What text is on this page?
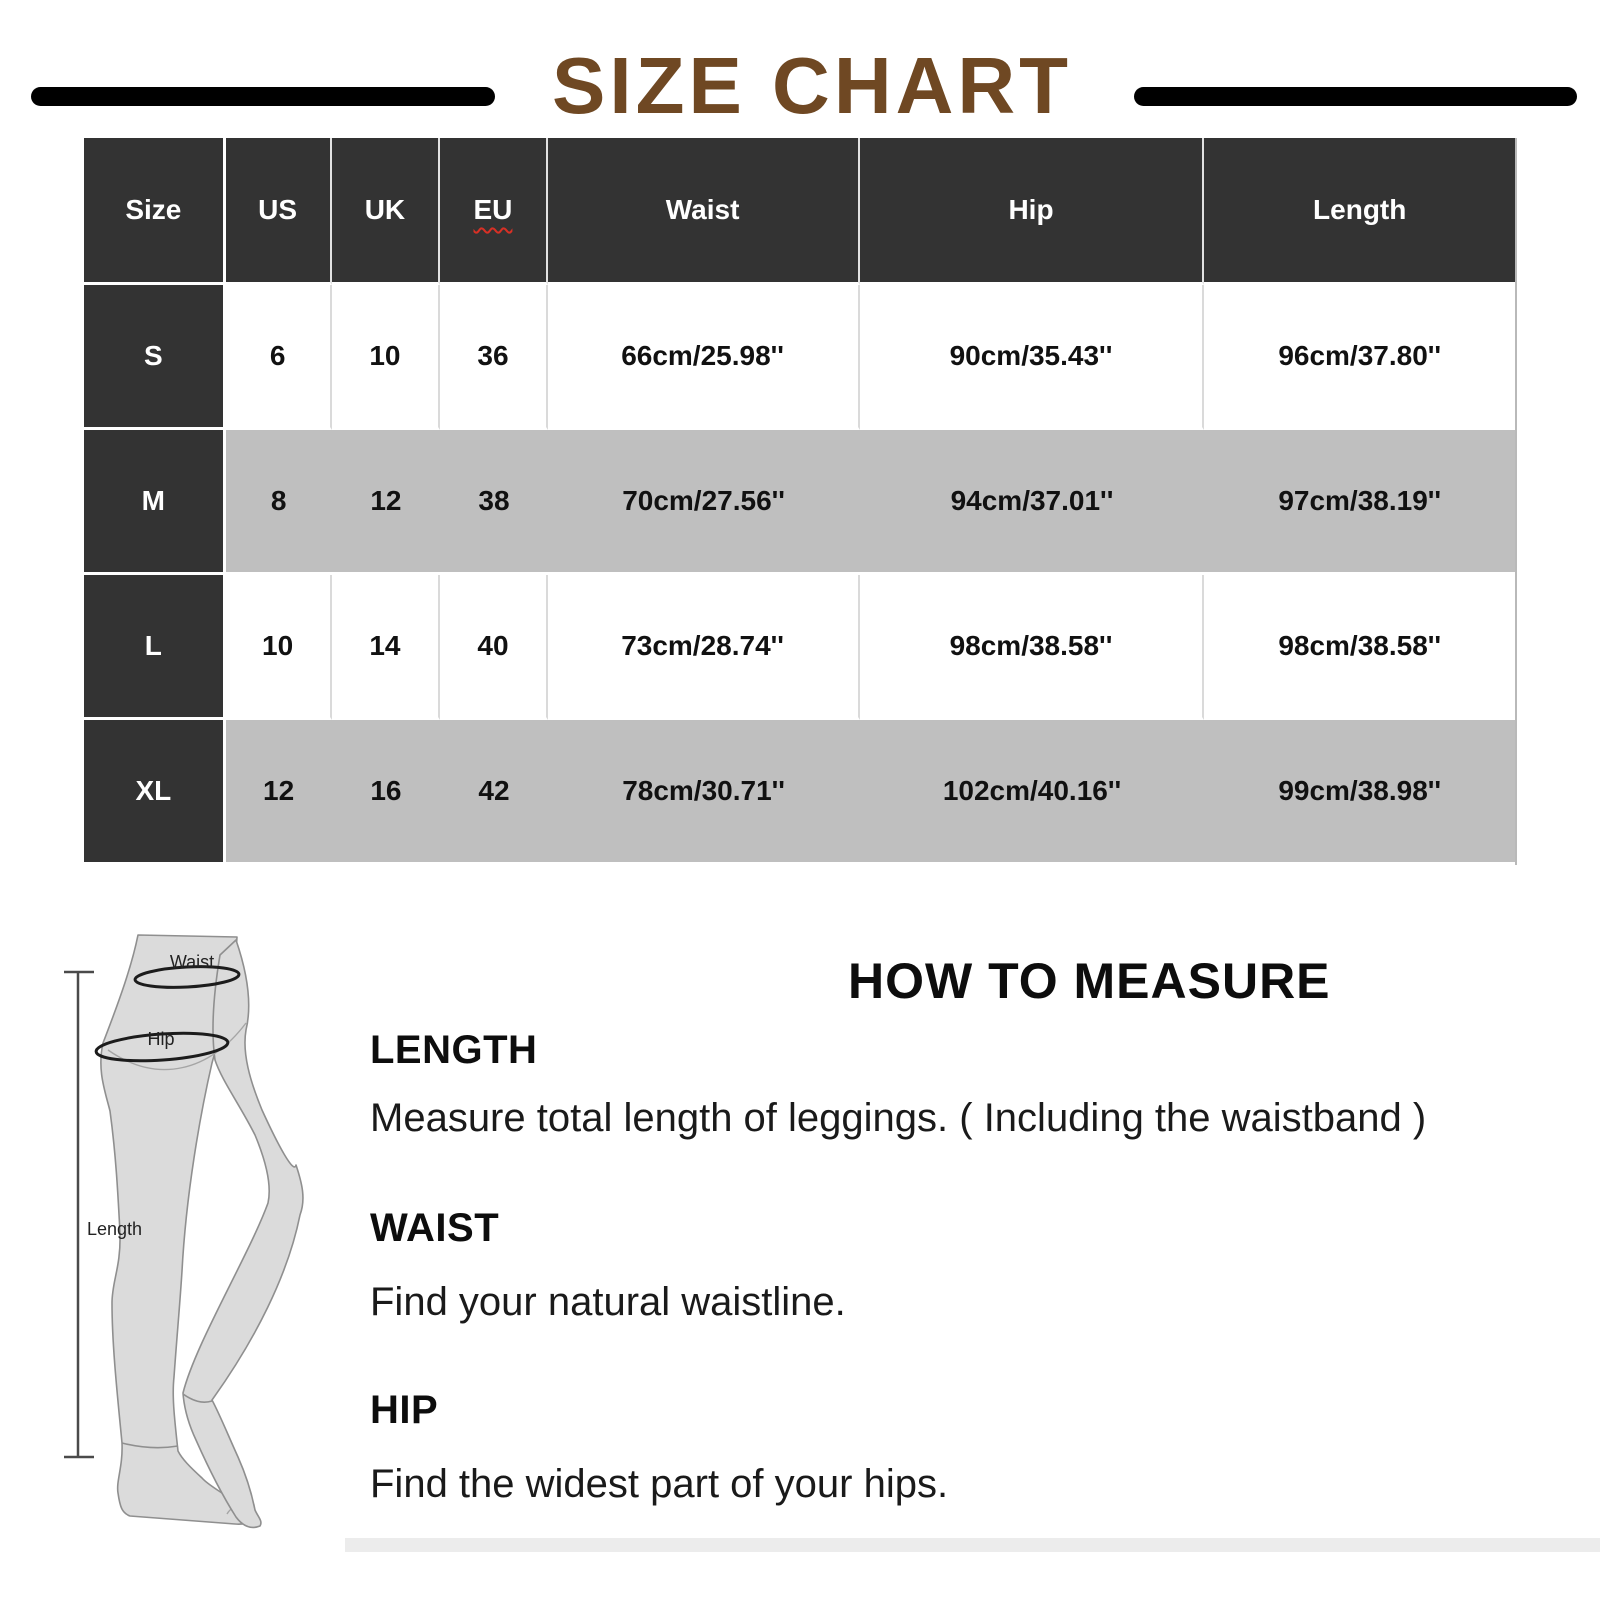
SIZE CHART
Size	US	UK	EU	Waist	Hip	Length
S	6	10	36	66cm/25.98''	90cm/35.43''	96cm/37.80''
M	8	12	38	70cm/27.56''	94cm/37.01''	97cm/38.19''
L	10	14	40	73cm/28.74''	98cm/38.58''	98cm/38.58''
XL	12	16	42	78cm/30.71''	102cm/40.16''	99cm/38.98''
Waist
Hip
Length
HOW TO MEASURE
LENGTH
Measure total length of leggings. ( Including the waistband )
WAIST
Find your natural waistline.
HIP
Find the widest part of your hips.
